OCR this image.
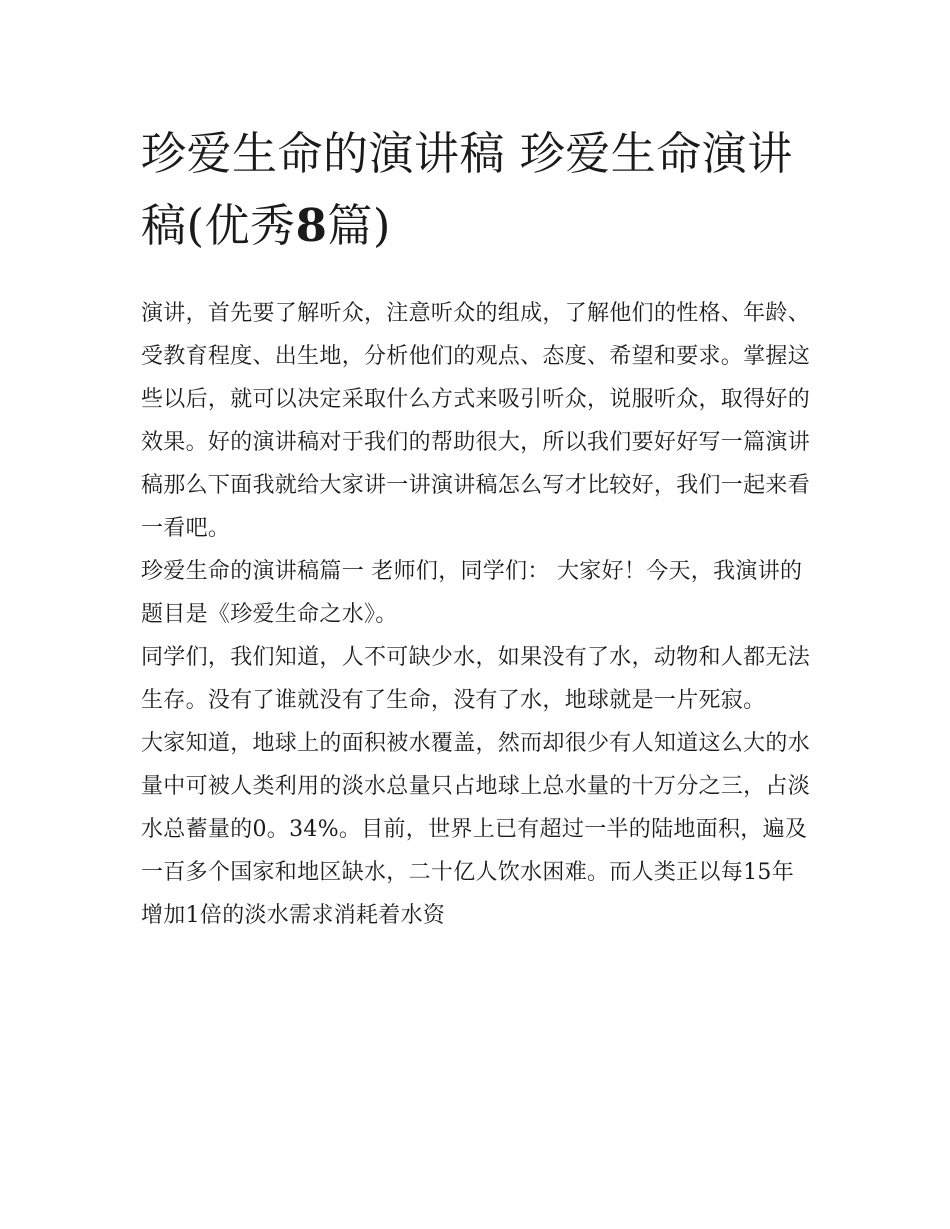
珍爱生命的演讲稿 珍爱生命演讲稿(优秀8篇)

演讲，首先要了解听众，注意听众的组成，了解他们的性格、年龄、受教育程度、出生地，分析他们的观点、态度、希望和要求。掌握这些以后，就可以决定采取什么方式来吸引听众，说服听众，取得好的效果。好的演讲稿对于我们的帮助很大，所以我们要好好写一篇演讲稿那么下面我就给大家讲一讲演讲稿怎么写才比较好，我们一起来看一看吧。

珍爱生命的演讲稿篇一 老师们，同学们： 大家好！今天，我演讲的题目是《珍爱生命之水》。

同学们，我们知道，人不可缺少水，如果没有了水，动物和人都无法生存。没有了谁就没有了生命，没有了水，地球就是一片死寂。

大家知道，地球上的面积被水覆盖，然而却很少有人知道这么大的水量中可被人类利用的淡水总量只占地球上总水量的十万分之三，占淡水总蓄量的0。34%。目前，世界上已有超过一半的陆地面积，遍及一百多个国家和地区缺水，二十亿人饮水困难。而人类正以每15年增加1倍的淡水需求消耗着水资
